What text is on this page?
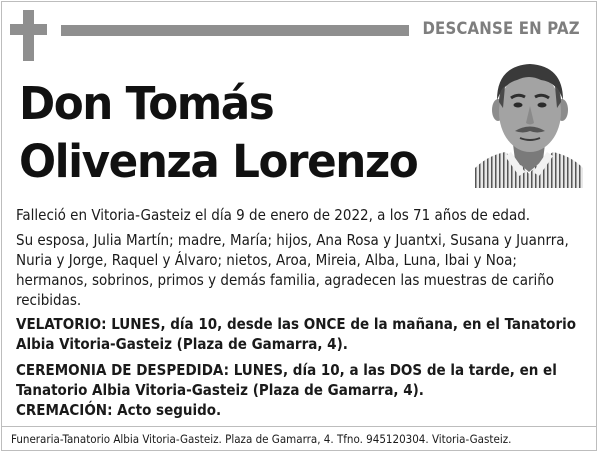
DESCANSE EN PAZ
Don Tomás
Olivenza Lorenzo
Falleció en Vitoria-Gasteiz el día 9 de enero de 2022, a los 71 años de edad.
Su esposa, Julia Martín; madre, María; hijos, Ana Rosa y Juantxi, Susana y Juanrra, Nuria y Jorge, Raquel y Álvaro; nietos, Aroa, Mireia, Alba, Luna, Ibai y Noa; hermanos, sobrinos, primos y demás familia, agradecen las muestras de cariño recibidas.
VELATORIO: LUNES, día 10, desde las ONCE de la mañana, en el Tanatorio Albia Vitoria-Gasteiz (Plaza de Gamarra, 4).
CEREMONIA DE DESPEDIDA: LUNES, día 10, a las DOS de la tarde, en el Tanatorio Albia Vitoria-Gasteiz (Plaza de Gamarra, 4).
CREMACIÓN: Acto seguido.
Funeraria-Tanatorio Albia Vitoria-Gasteiz. Plaza de Gamarra, 4. Tfno. 945120304. Vitoria-Gasteiz.
